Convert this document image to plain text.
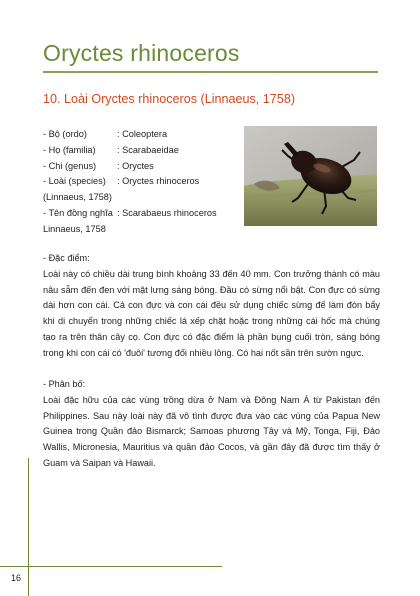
Oryctes rhinoceros
10. Loài Oryctes rhinoceros (Linnaeus, 1758)
- Bộ (ordo)	: Coleoptera
- Họ (familia)	: Scarabaeidae
- Chi (genus)	: Oryctes
- Loài (species)	: Oryctes rhinoceros
(Linnaeus, 1758)
- Tên đồng nghĩa : Scarabaeus rhinoceros
Linnaeus, 1758

- Đặc điểm:

Loài này có chiều dài trung bình khoảng 33 đến 40 mm. Con trưởng thành có màu nâu sẫm đến đen với mặt lưng sáng bóng. Đầu có sừng nổi bật. Con đực có sừng dài hơn con cái. Cả con đực và con cái đều sử dụng chiếc sừng để làm đòn bẩy khi di chuyển trong những chiếc lá xếp chặt hoặc trong những cái hốc mà chúng tạo ra trên thân cây cọ. Con đực có đặc điểm là phần bụng cuối tròn, sáng bóng trong khi con cái có 'đuôi' tương đối nhiều lông. Có hai nốt sần trên sườn ngực.

- Phân bố:

Loài đặc hữu của các vùng trồng dừa ở Nam và Đông Nam Á từ Pakistan đến Philippines. Sau này loài này đã vô tình được đưa vào các vùng của Papua New Guinea trong Quần đảo Bismarck; Samoas phương Tây và Mỹ, Tonga, Fiji, Đảo Wallis, Micronesia, Mauritius và quần đảo Cocos, và gần đây đã được tìm thấy ở Guam và Saipan và Hawaii.

16
